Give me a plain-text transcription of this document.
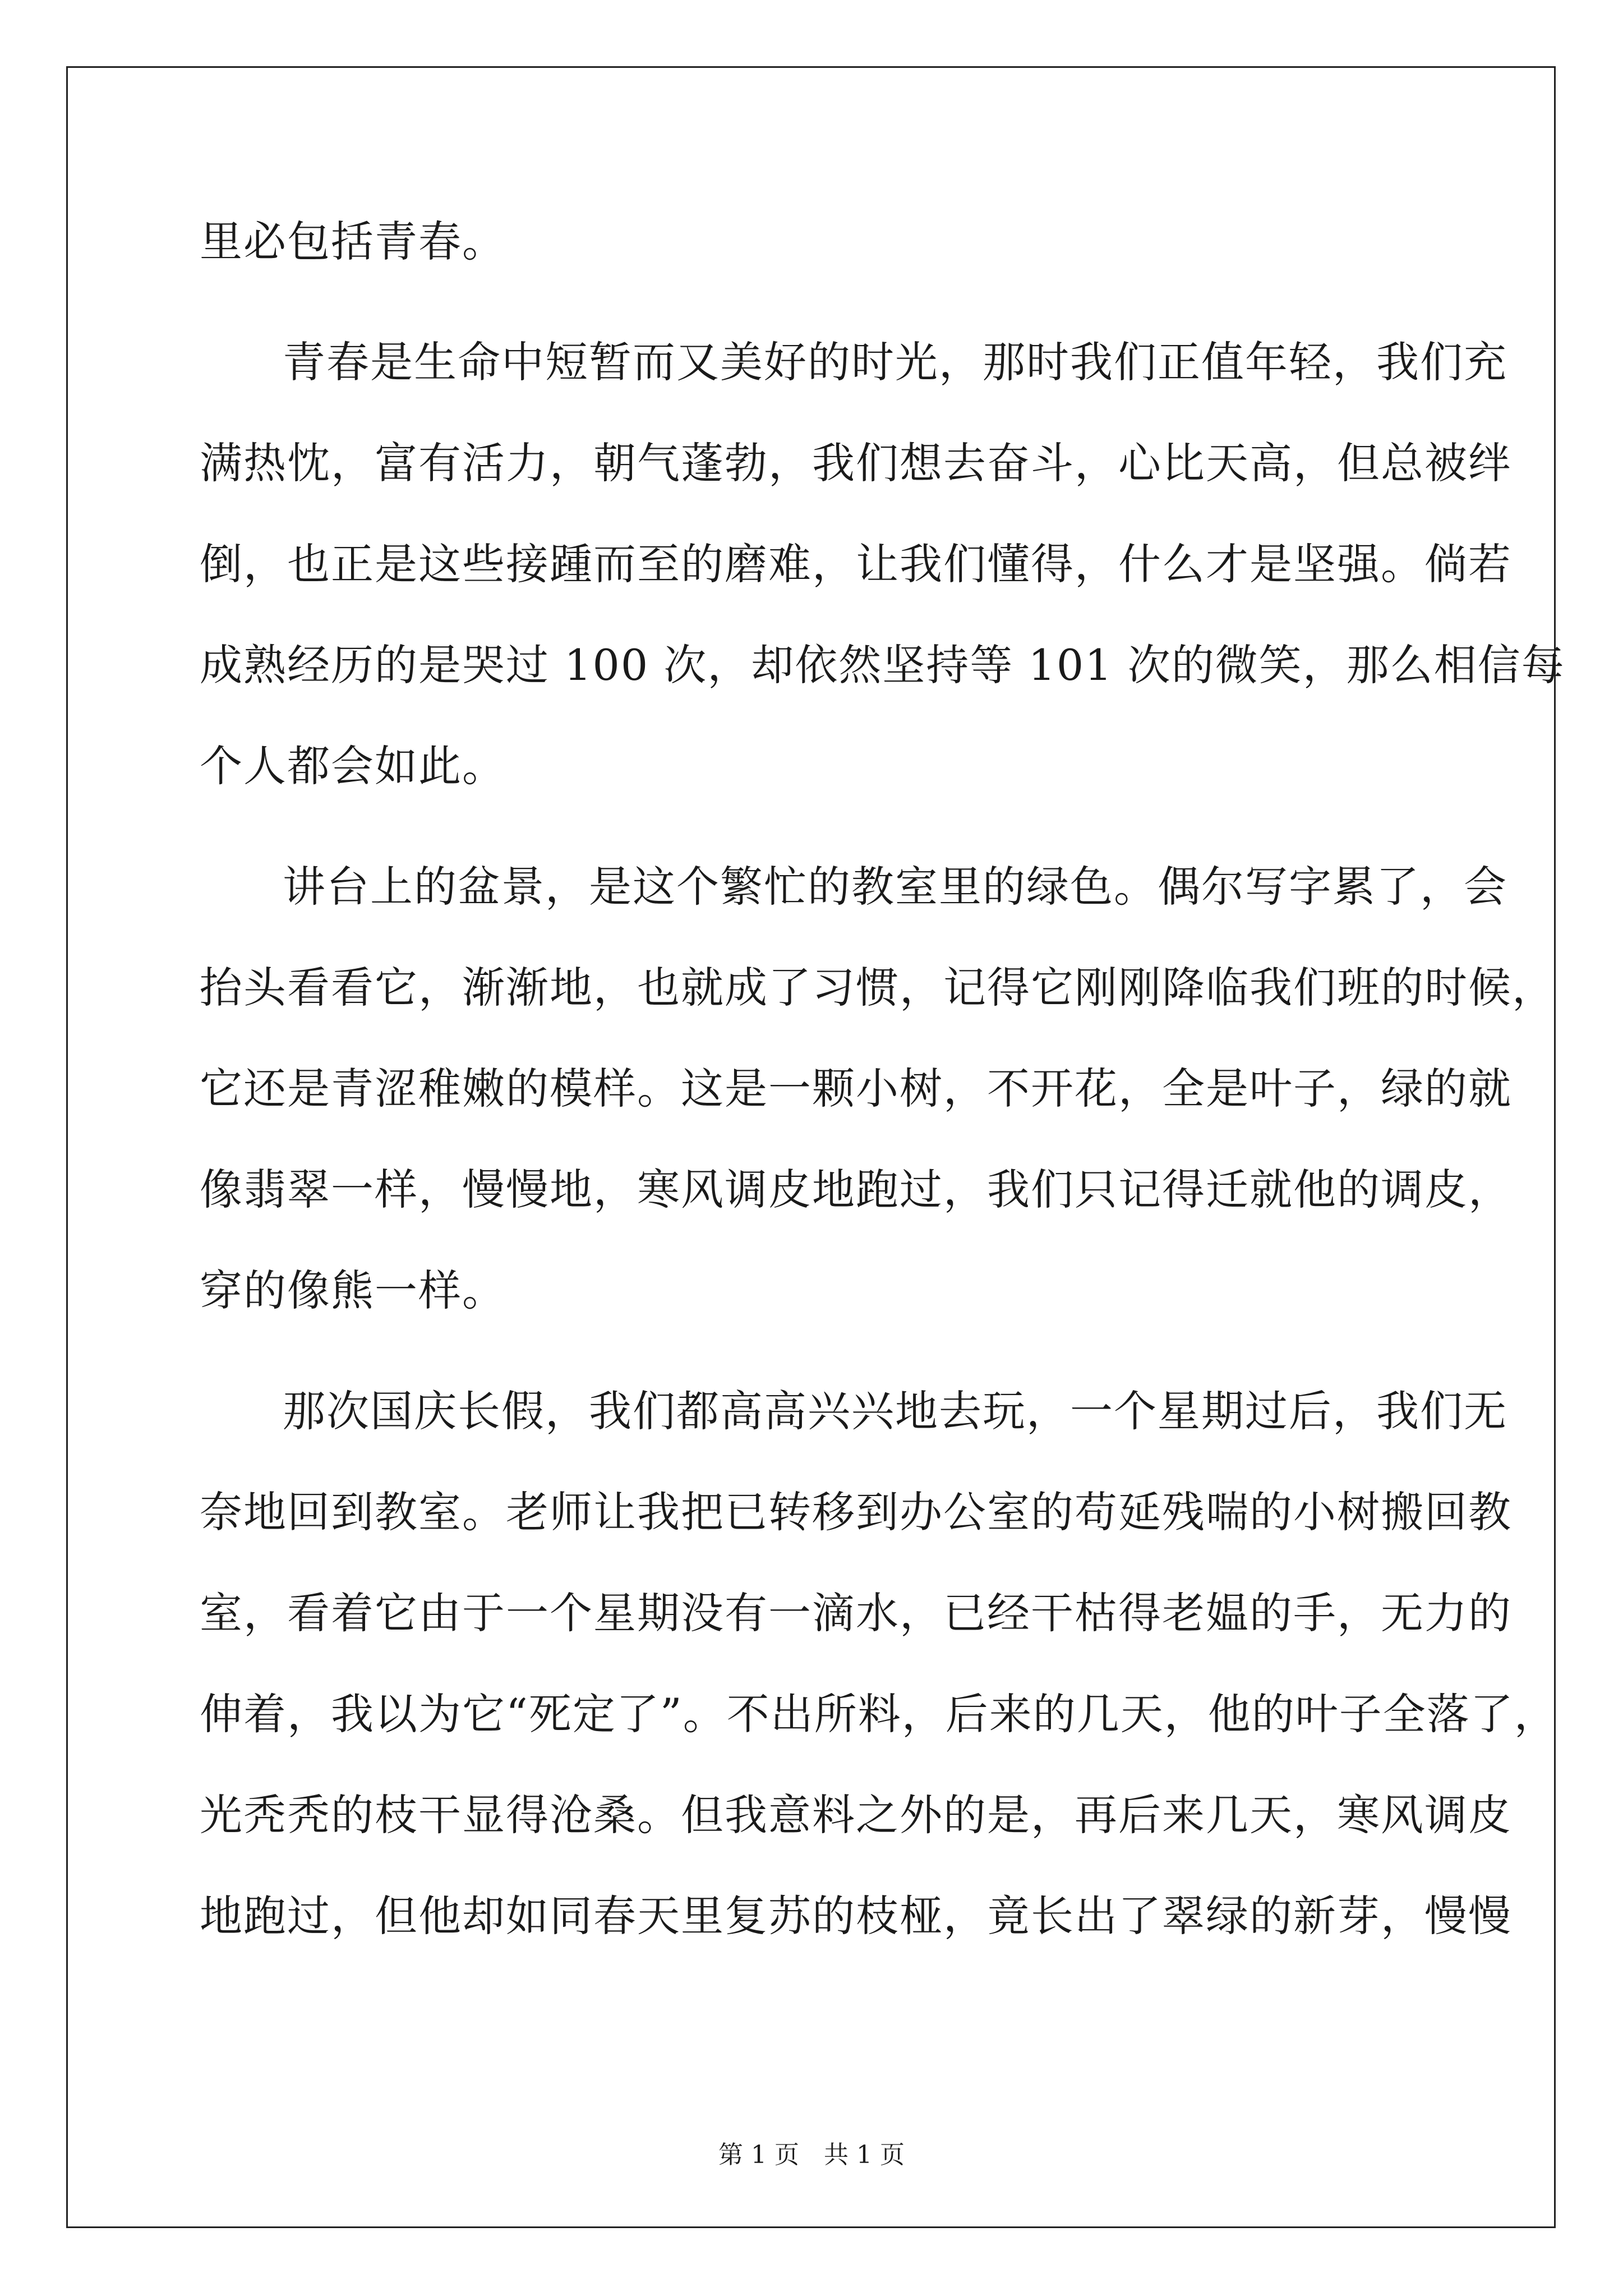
里必包括青春。
青春是生命中短暂而又美好的时光，那时我们正值年轻，我们充
满热忱，富有活力，朝气蓬勃，我们想去奋斗，心比天高，但总被绊
倒，也正是这些接踵而至的磨难，让我们懂得，什么才是坚强。倘若
成熟经历的是哭过 100 次，却依然坚持等 101 次的微笑，那么相信每
个人都会如此。
讲台上的盆景，是这个繁忙的教室里的绿色。偶尔写字累了，会
抬头看看它，渐渐地，也就成了习惯，记得它刚刚降临我们班的时候，
它还是青涩稚嫩的模样。这是一颗小树，不开花，全是叶子，绿的就
像翡翠一样，慢慢地，寒风调皮地跑过，我们只记得迁就他的调皮，
穿的像熊一样。
那次国庆长假，我们都高高兴兴地去玩，一个星期过后，我们无
奈地回到教室。老师让我把已转移到办公室的苟延残喘的小树搬回教
室，看着它由于一个星期没有一滴水，已经干枯得老媪的手，无力的
伸着，我以为它“死定了”。不出所料，后来的几天，他的叶子全落了，
光秃秃的枝干显得沧桑。但我意料之外的是，再后来几天，寒风调皮
地跑过，但他却如同春天里复苏的枝桠，竟长出了翠绿的新芽，慢慢
第 1 页　共 1 页
